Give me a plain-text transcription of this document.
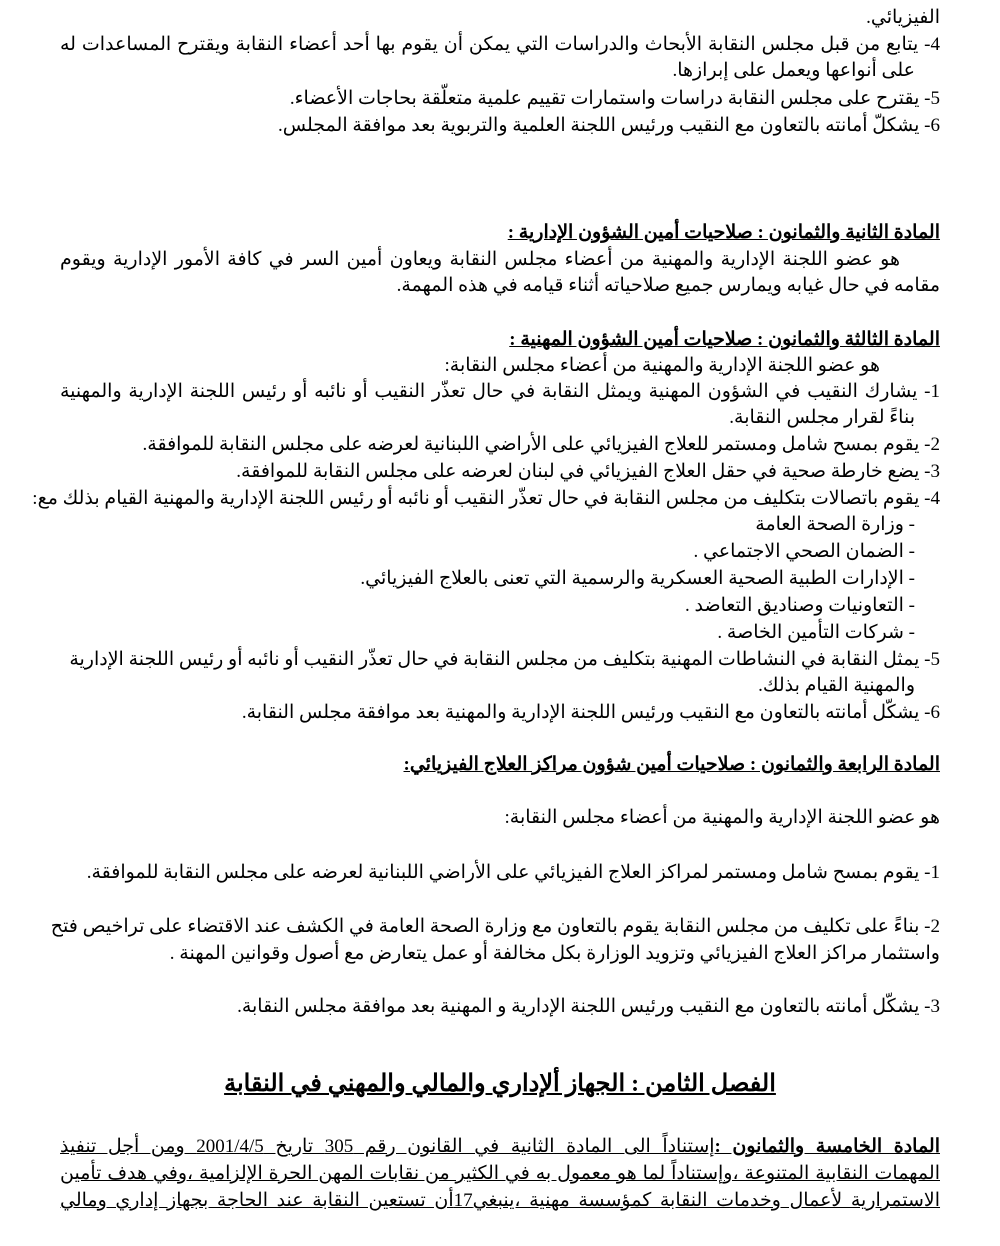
الفيزيائي.
4- يتابع من قبل مجلس النقابة الأبحاث والدراسات التي يمكن أن يقوم بها أحد أعضاء النقابة ويقترح المساعدات له
على أنواعها ويعمل على إبرازها.
5- يقترح على مجلس النقابة دراسات واستمارات تقييم علمية متعلّقة بحاجات الأعضاء.
6- يشكلّ أمانته بالتعاون مع النقيب ورئيس اللجنة العلمية والتربوية بعد موافقة المجلس.
المادة الثانية والثمانون : صلاحيات أمين الشؤون الإدارية :
هو عضو اللجنة الإدارية والمهنية من أعضاء مجلس النقابة ويعاون أمين السر في كافة الأمور الإدارية ويقوم
مقامه في حال غيابه ويمارس جميع صلاحياته أثناء قيامه في هذه المهمة.
المادة الثالثة والثمانون : صلاحيات أمين الشؤون المهنية :
هو عضو اللجنة الإدارية والمهنية من أعضاء مجلس النقابة:
1- يشارك النقيب في الشؤون المهنية ويمثل النقابة في حال تعذّر النقيب أو نائبه أو رئيس اللجنة الإدارية والمهنية
بناءً لقرار مجلس النقابة.
2- يقوم بمسح شامل ومستمر للعلاج الفيزيائي على الأراضي اللبنانية لعرضه على مجلس النقابة للموافقة.
3- يضع خارطة صحية في حقل العلاج الفيزيائي في لبنان لعرضه على مجلس النقابة للموافقة.
4- يقوم باتصالات بتكليف من مجلس النقابة في حال تعذّر النقيب أو نائبه أو رئيس اللجنة الإدارية والمهنية القيام بذلك مع:
- وزارة الصحة العامة
- الضمان الصحي الاجتماعي .
- الإدارات الطبية الصحية العسكرية والرسمية التي تعنى بالعلاج الفيزيائي.
- التعاونيات وصناديق التعاضد .
- شركات التأمين الخاصة .
5- يمثل النقابة في النشاطات المهنية بتكليف من مجلس النقابة في حال تعذّر النقيب أو نائبه أو رئيس اللجنة الإدارية
والمهنية القيام بذلك.
6- يشكّل أمانته بالتعاون مع النقيب ورئيس اللجنة الإدارية والمهنية بعد موافقة مجلس النقابة.
المادة الرابعة والثمانون : صلاحيات أمين شؤون مراكز العلاج الفيزيائي:
هو عضو اللجنة الإدارية والمهنية من أعضاء مجلس النقابة:
1- يقوم بمسح شامل ومستمر لمراكز العلاج الفيزيائي على الأراضي اللبنانية لعرضه على مجلس النقابة للموافقة.
2- بناءً على تكليف من مجلس النقابة يقوم بالتعاون مع وزارة الصحة العامة في الكشف عند الاقتضاء على تراخيص فتح
واستثمار مراكز العلاج الفيزيائي وتزويد الوزارة بكل مخالفة أو عمل يتعارض مع أصول وقوانين المهنة .
3- يشكّل أمانته بالتعاون مع النقيب ورئيس اللجنة الإدارية و المهنية بعد موافقة مجلس النقابة.
الفصل الثامن : الجهاز ألإداري والمالي والمهني في النقابة
المادة الخامسة والثمانون :إستناداً الى المادة الثانية في القانون رقم 305 تاريخ 2001/4/5 ومن أجل تنفيذ
المهمات النقابية المتنوعة ،وإستناداً لما هو معمول به في الكثير من نقابات المهن الحرة الإلزامية ،وفي هدف تأمين
الاستمرارية لأعمال وخدمات النقابة كمؤسسة مهنية ،ينبغي17أن تستعين النقابة عند الحاجة بجهاز إداري ومالي
